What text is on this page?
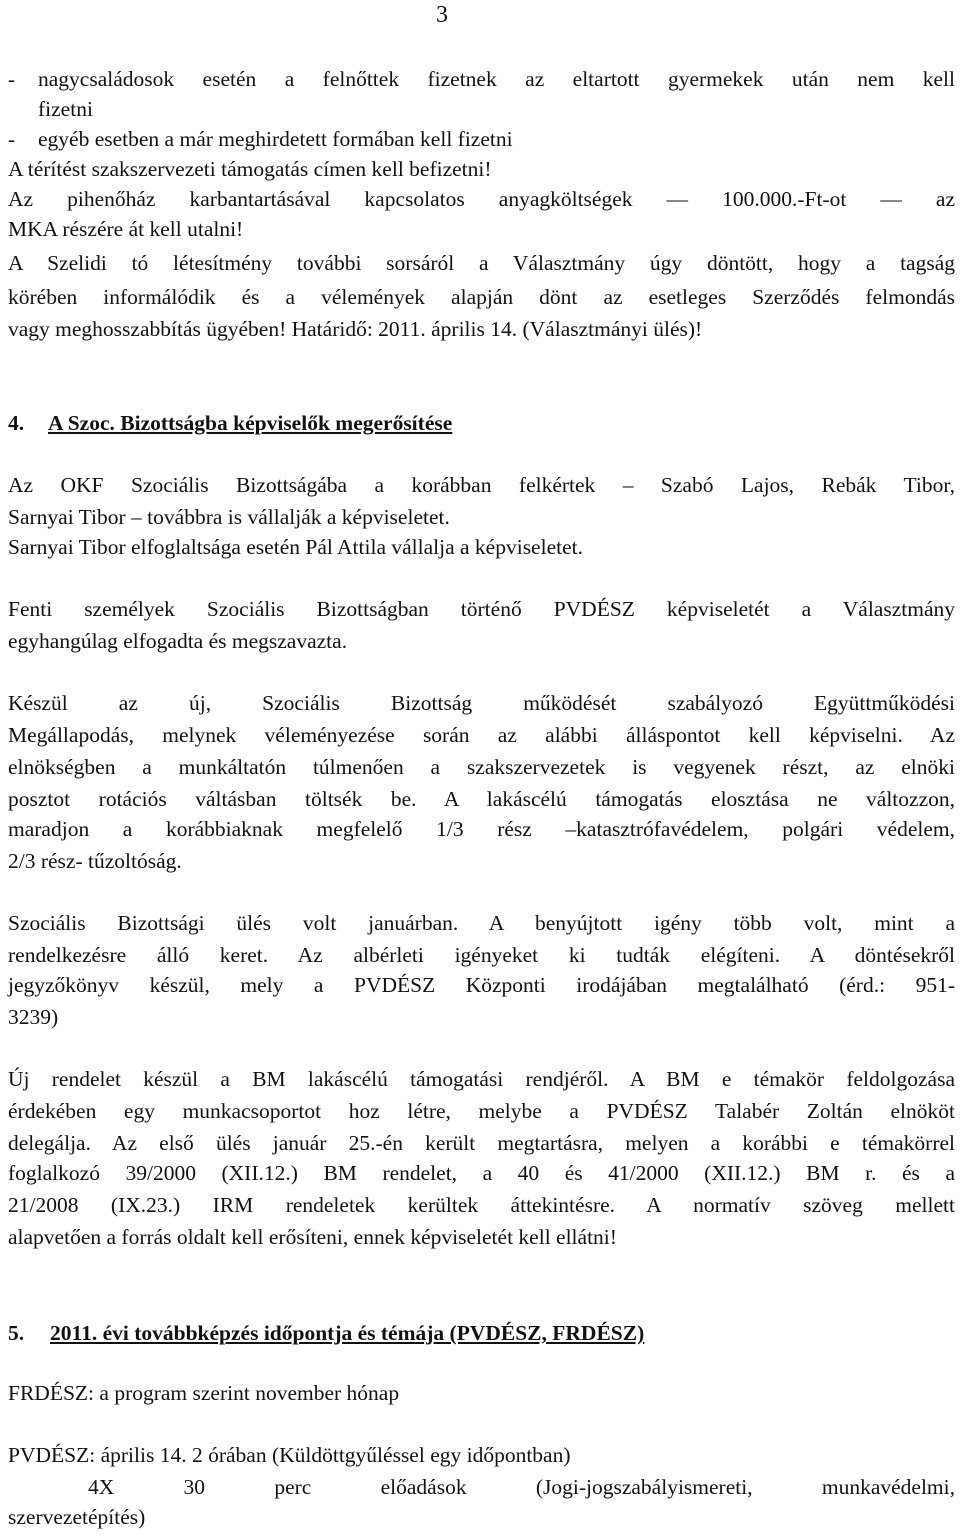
3
-	nagycsaládosok esetén a felnőttek fizetnek az eltartott gyermekek után nem kell
fizetni
-	egyéb esetben a már meghirdetett formában kell fizetni
A térítést szakszervezeti támogatás címen kell befizetni!
Az pihenőház karbantartásával kapcsolatos anyagköltségek — 100.000.-Ft-ot — az
MKA részére át kell utalni!
A Szelidi tó létesítmény további sorsáról a Választmány úgy döntött, hogy a tagság
körében informálódik és a vélemények alapján dönt az esetleges Szerződés felmondás
vagy meghosszabbítás ügyében! Határidő: 2011. április 14. (Választmányi ülés)!
4. A Szoc. Bizottságba képviselők megerősítése
Az OKF Szociális Bizottságába a korábban felkértek – Szabó Lajos, Rebák Tibor,
Sarnyai Tibor – továbbra is vállalják a képviseletet.
Sarnyai Tibor elfoglaltsága esetén Pál Attila vállalja a képviseletet.
Fenti személyek Szociális Bizottságban történő PVDÉSZ képviseletét a Választmány
egyhangúlag elfogadta és megszavazta.
Készül az új, Szociális Bizottság működését szabályozó Együttműködési
Megállapodás, melynek véleményezése során az alábbi álláspontot kell képviselni. Az
elnökségben a munkáltatón túlmenően a szakszervezetek is vegyenek részt, az elnöki
posztot rotációs váltásban töltsék be. A lakáscélú támogatás elosztása ne változzon,
maradjon a korábbiaknak megfelelő 1/3 rész –katasztrófavédelem, polgári védelem,
2/3 rész- tűzoltóság.
Szociális Bizottsági ülés volt januárban. A benyújtott igény több volt, mint a
rendelkezésre álló keret. Az albérleti igényeket ki tudták elégíteni. A döntésekről
jegyzőkönyv készül, mely a PVDÉSZ Központi irodájában megtalálható (érd.: 951-
3239)
Új rendelet készül a BM lakáscélú támogatási rendjéről. A BM e témakör feldolgozása
érdekében egy munkacsoportot hoz létre, melybe a PVDÉSZ Talabér Zoltán elnököt
delegálja. Az első ülés január 25.-én került megtartásra, melyen a korábbi e témakörrel
foglalkozó 39/2000 (XII.12.) BM rendelet, a 40 és 41/2000 (XII.12.) BM r. és a
21/2008 (IX.23.) IRM rendeletek kerültek áttekintésre. A normatív szöveg mellett
alapvetően a forrás oldalt kell erősíteni, ennek képviseletét kell ellátni!
5. 2011. évi továbbképzés időpontja és témája (PVDÉSZ, FRDÉSZ)
FRDÉSZ: a program szerint november hónap
PVDÉSZ: április 14. 2 órában (Küldöttgyűléssel egy időpontban)
4X 30 perc előadások (Jogi-jogszabályismereti, munkavédelmi,
szervezetépítés)
